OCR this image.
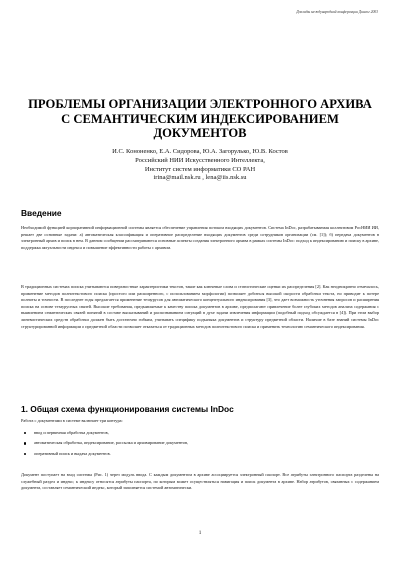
Доклады международной конференции Диалог 2003
ПРОБЛЕМЫ ОРГАНИЗАЦИИ ЭЛЕКТРОННОГО АРХИВА
С СЕМАНТИЧЕСКИМ ИНДЕКСИРОВАНИЕМ
ДОКУМЕНТОВ
И.С. Кононенко, Е.А. Сидорова, Ю.А. Загорулько, Ю.В. Костов
Российский НИИ Искусственного Интеллекта,
Институт систем информатики СО РАН
irina@mail.nsk.ru , lena@iis.nsk.su
Введение
Необходимой функцией корпоративной информационной системы является обеспечение управления потоком входящих документов. Система InDoc, разрабатываемая коллективом РосНИИ ИИ, решает две основные задачи: а) автоматическая классификация и оперативное распределение входящих документов среди сотрудников организации (см. [1]); б) передача документов в электронный архив и поиск в нем. В данном сообщении рассматриваются основные аспекты создания электронного архива в рамках системы InDoc: подход к индексированию и поиску в архиве, поддержка актуальности индекса и повышение эффективности работы с архивом.
В традиционных системах поиска учитываются поверхностные характеристики текстов, такие как ключевые слова и статистические оценки их распределения [2]. Как неоднократно отмечалось, применение методов полнотекстового поиска (простого или расширенного, с использованием морфологии) позволяет добиться высокой скорости обработки текста, но приводит к потере полноты и точности. В последнее годы предлагается применение тезаурусов для автоматического концептуального индексирования [3], что дает возможность уточнения запросов и расширения поиска на основе тезаурусных связей. Высокие требования, предъявляемые к качеству поиска документов в архиве, предполагают привлечение более глубоких методов анализа содержания с выявлением семантических связей понятий в составе высказываний и распознаванием ситуаций в духе задачи извлечения информации (подобный подход обсуждается в [4]). При этом выбор лингвистических средств обработки должен быть достаточно гибким, учитывать специфику подъязыка документов и структуру предметной области. Наличие в базе знаний системы InDoc структурированной информации о предметной области позволяет отказаться от традиционных методов полнотекстового поиска и применить технологию семантического индексирования.
1. Общая схема функционирования системы InDoc
Работа с документами в системе включает три контура:
ввод и первичная обработка документов,
автоматическая обработка, индексирование, рассылка и архивирование документов,
оперативный поиск и выдача документов.
Документ поступает на вход системы (Рис. 1) через модуль ввода. С каждым документом в архиве ассоциируется электронный паспорт. Все атрибуты электронного паспорта разделены на служебный раздел и индекс; к индексу относятся атрибуты паспорта, по которым может осуществляться навигация и поиск документа в архиве. Набор атрибутов, связанных с содержанием документа, составляет семантический индекс, который заполняется системой автоматически.
1
